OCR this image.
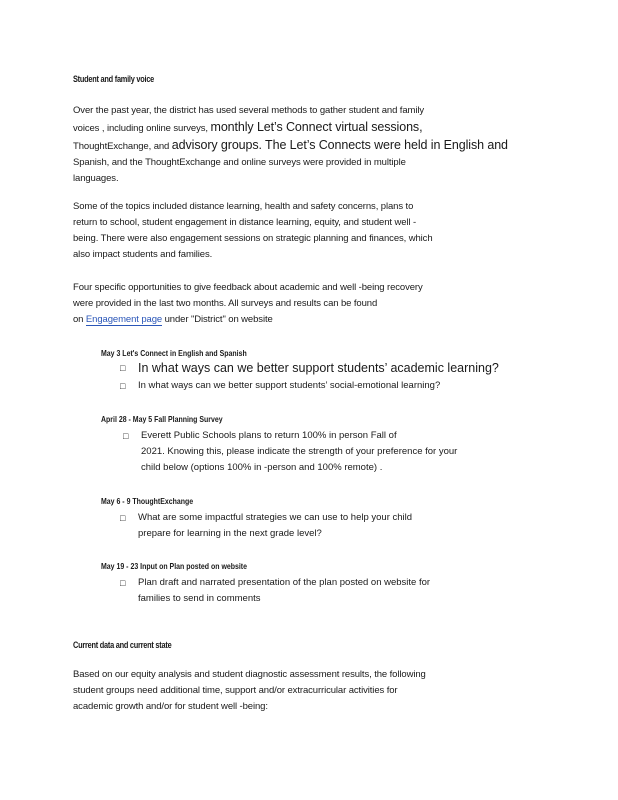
Student and family voice

Over the past year, the district has used several methods to gather student and family

voices , including online surveys, monthly Let’s Connect virtual sessions,

ThoughtExchange, and advisory groups. The Let’s Connects were held in English and

Spanish, and the ThoughtExchange and online surveys were provided in multiple

languages.

Some of the topics included distance learning, health and safety concerns, plans to

return to school, student engagement in distance learning, equity, and student well -

being. There were also engagement sessions on strategic planning and finances, which

also impact students and families.

Four specific opportunities to give feedback about academic and well -being recovery

were provided in the last two months. All surveys and results can be found

on Engagement page under "District" on website

May 3 Let's Connect in English and Spanish
□ In what ways can we better support students’ academic learning?

□ In what ways can we better support students’ social-emotional learning?

April 28 - May 5 Fall Planning Survey
□ Everett Public Schools plans to return 100% in person Fall of

2021. Knowing this, please indicate the strength of your preference for your

child below (options 100% in -person and 100% remote) .

May 6 - 9 ThoughtExchange
□ What are some impactful strategies we can use to help your child

prepare for learning in the next grade level?

May 19 - 23 Input on Plan posted on website
□ Plan draft and narrated presentation of the plan posted on website for

families to send in comments

Current data and current state

Based on our equity analysis and student diagnostic assessment results, the following

student groups need additional time, support and/or extracurricular activities for

academic growth and/or for student well -being:
